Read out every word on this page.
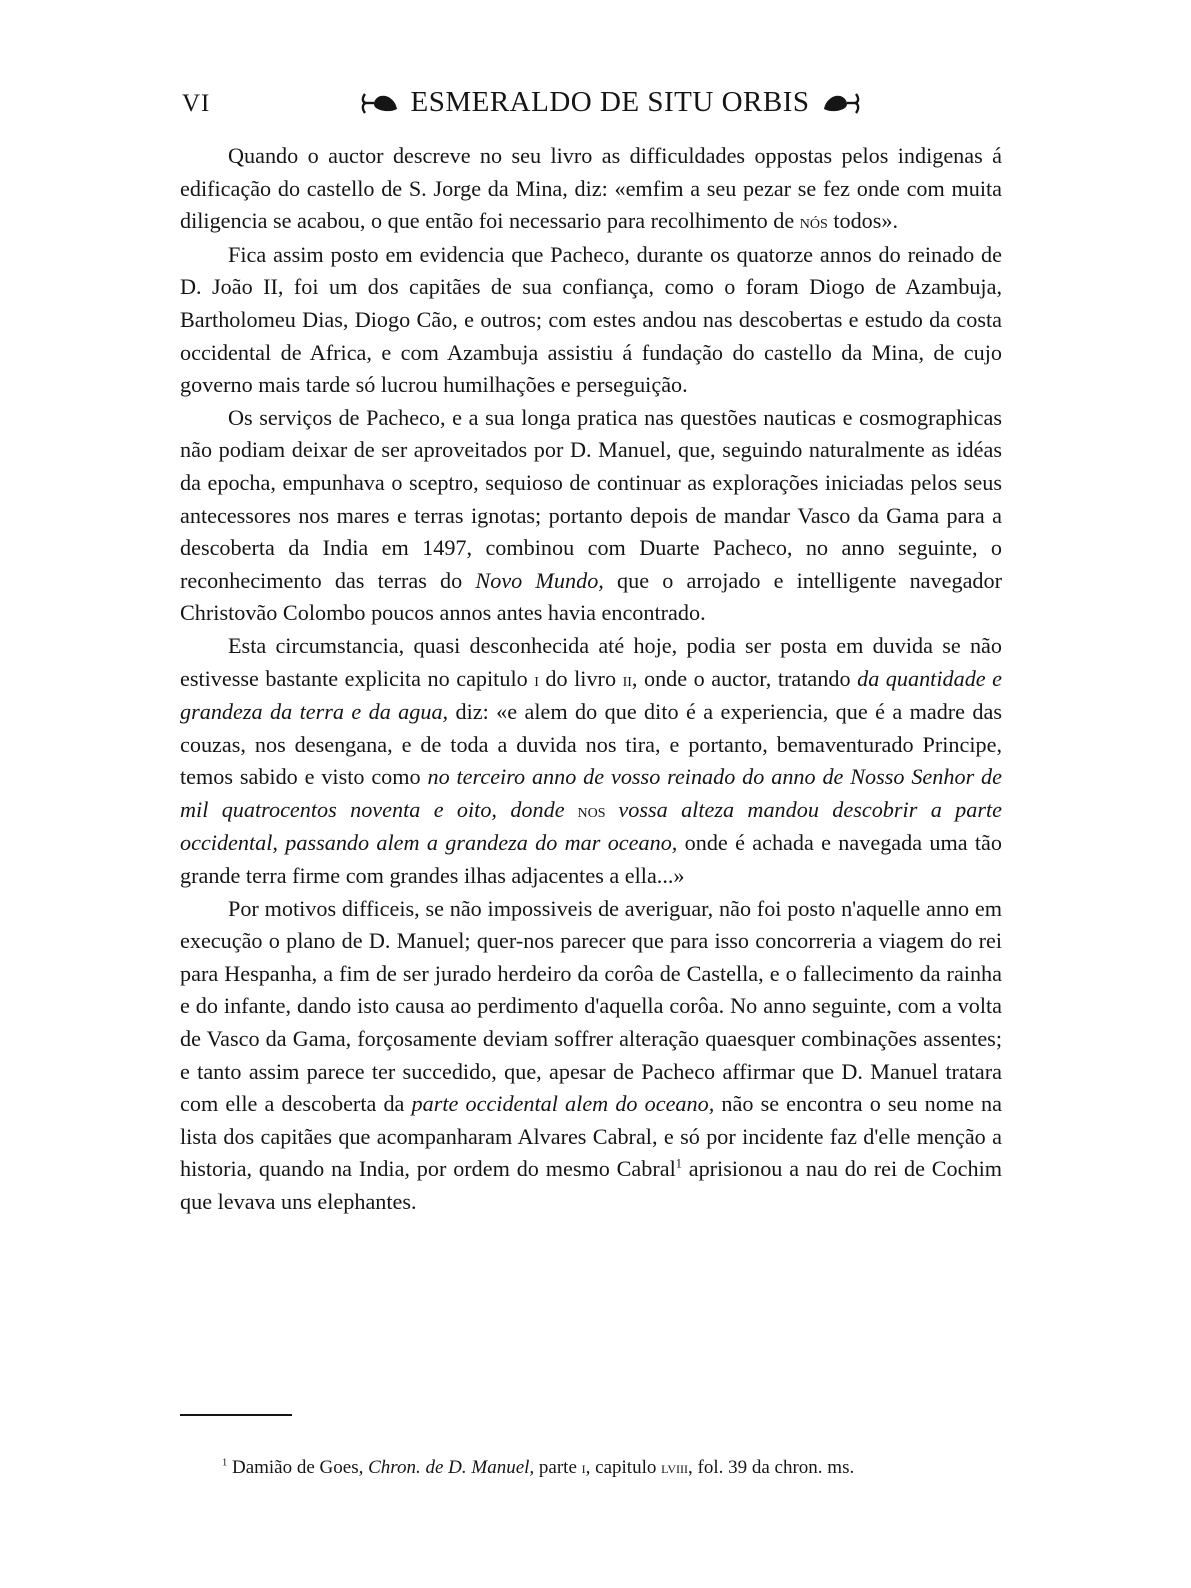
VI	ESMERALDO DE SITU ORBIS

Quando o auctor descreve no seu livro as difficuldades oppostas pelos indigenas á edificação do castello de S. Jorge da Mina, diz: «emfim a seu pezar se fez onde com muita diligencia se acabou, o que então foi necessario para recolhimento de nós todos».

Fica assim posto em evidencia que Pacheco, durante os quatorze annos do reinado de D. João II, foi um dos capitães de sua confiança, como o foram Diogo de Azambuja, Bartholomeu Dias, Diogo Cão, e outros; com estes andou nas descobertas e estudo da costa occidental de Africa, e com Azambuja assistiu á fundação do castello da Mina, de cujo governo mais tarde só lucrou humilhações e perseguição.

Os serviços de Pacheco, e a sua longa pratica nas questões nauticas e cosmographicas não podiam deixar de ser aproveitados por D. Manuel, que, seguindo naturalmente as idéas da epocha, empunhava o sceptro, sequioso de continuar as explorações iniciadas pelos seus antecessores nos mares e terras ignotas; portanto depois de mandar Vasco da Gama para a descoberta da India em 1497, combinou com Duarte Pacheco, no anno seguinte, o reconhecimento das terras do Novo Mundo, que o arrojado e intelligente navegador Christovão Colombo poucos annos antes havia encontrado.

Esta circumstancia, quasi desconhecida até hoje, podia ser posta em duvida se não estivesse bastante explicita no capitulo i do livro ii, onde o auctor, tratando da quantidade e grandeza da terra e da agua, diz: «e alem do que dito é a experiencia, que é a madre das couzas, nos desengana, e de toda a duvida nos tira, e portanto, bemaventurado Principe, temos sabido e visto como no terceiro anno de vosso reinado do anno de Nosso Senhor de mil quatrocentos noventa e oito, donde nos vossa alteza mandou descobrir a parte occidental, passando alem a grandeza do mar oceano, onde é achada e navegada uma tão grande terra firme com grandes ilhas adjacentes a ella...»

Por motivos difficeis, se não impossiveis de averiguar, não foi posto n'aquelle anno em execução o plano de D. Manuel; quer-nos parecer que para isso concorreria a viagem do rei para Hespanha, a fim de ser jurado herdeiro da corôa de Castella, e o fallecimento da rainha e do infante, dando isto causa ao perdimento d'aquella corôa. No anno seguinte, com a volta de Vasco da Gama, forçosamente deviam soffrer alteração quaesquer combinações assentes; e tanto assim parece ter succedido, que, apesar de Pacheco affirmar que D. Manuel tratara com elle a descoberta da parte occidental alem do oceano, não se encontra o seu nome na lista dos capitães que acompanharam Alvares Cabral, e só por incidente faz d'elle menção a historia, quando na India, por ordem do mesmo Cabral$^1$ aprisionou a nau do rei de Cochim que levava uns elephantes.

$^1$ Damião de Goes, Chron. de D. Manuel, parte i, capitulo lviii, fol. 39 da chron. ms.
